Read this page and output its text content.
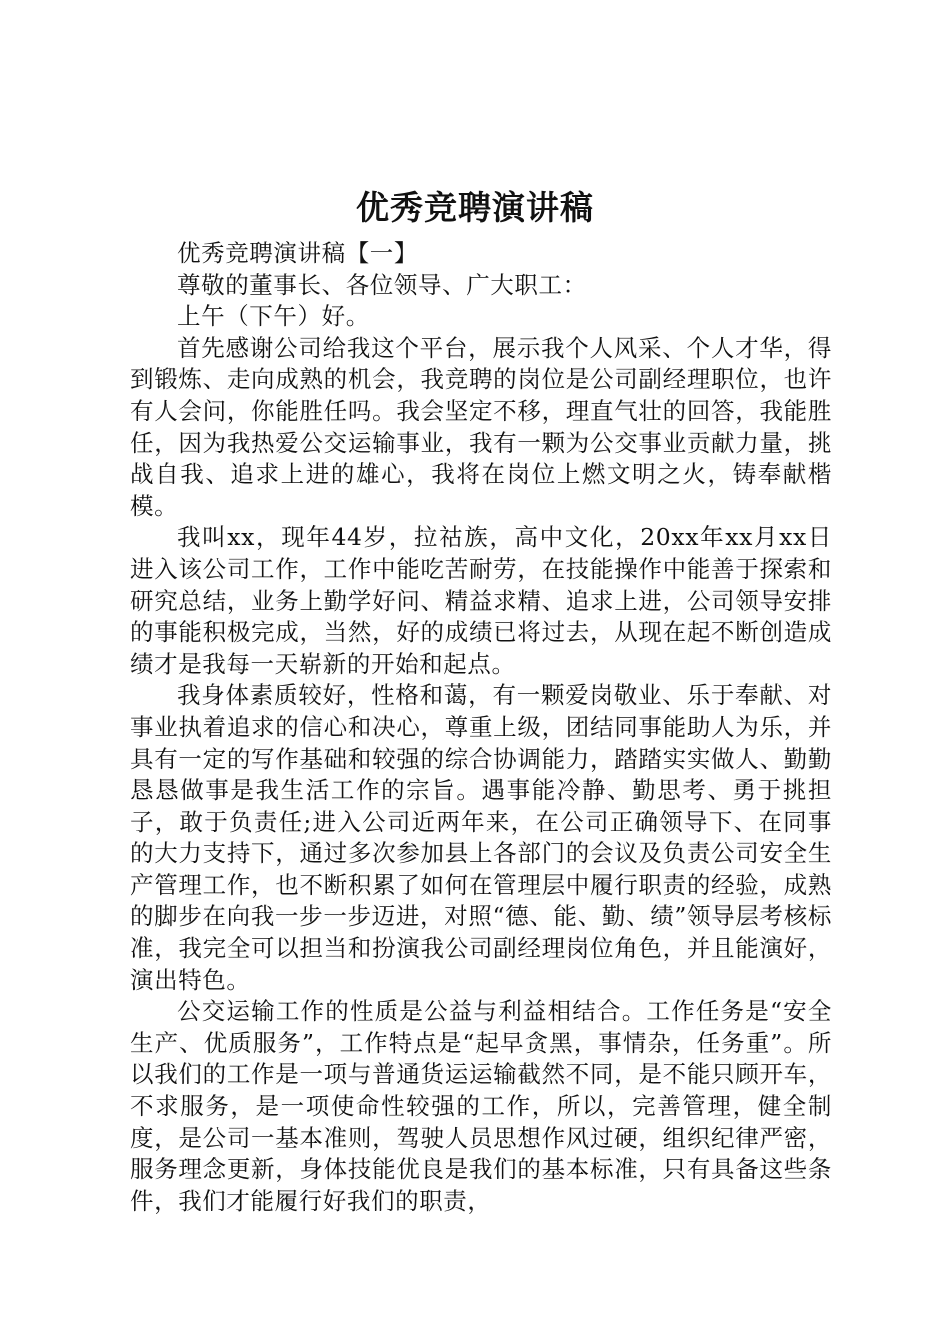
优秀竞聘演讲稿

优秀竞聘演讲稿【一】

尊敬的董事长、各位领导、广大职工：

上午（下午）好。

首先感谢公司给我这个平台，展示我个人风采、个人才华，得到锻炼、走向成熟的机会，我竞聘的岗位是公司副经理职位，也许有人会问，你能胜任吗。我会坚定不移，理直气壮的回答，我能胜任，因为我热爱公交运输事业，我有一颗为公交事业贡献力量，挑战自我、追求上进的雄心，我将在岗位上燃文明之火，铸奉献楷模。

我叫xx，现年44岁，拉祜族，高中文化，20xx年xx月xx日进入该公司工作，工作中能吃苦耐劳，在技能操作中能善于探索和研究总结，业务上勤学好问、精益求精、追求上进，公司领导安排的事能积极完成，当然，好的成绩已将过去，从现在起不断创造成绩才是我每一天崭新的开始和起点。

我身体素质较好，性格和蔼，有一颗爱岗敬业、乐于奉献、对事业执着追求的信心和决心，尊重上级，团结同事能助人为乐，并具有一定的写作基础和较强的综合协调能力，踏踏实实做人、勤勤恳恳做事是我生活工作的宗旨。遇事能冷静、勤思考、勇于挑担子，敢于负责任;进入公司近两年来，在公司正确领导下、在同事的大力支持下，通过多次参加县上各部门的会议及负责公司安全生产管理工作，也不断积累了如何在管理层中履行职责的经验，成熟的脚步在向我一步一步迈进，对照“德、能、勤、绩”领导层考核标准，我完全可以担当和扮演我公司副经理岗位角色，并且能演好，演出特色。

公交运输工作的性质是公益与利益相结合。工作任务是“安全生产、优质服务”，工作特点是“起早贪黑，事情杂，任务重”。所以我们的工作是一项与普通货运运输截然不同，是不能只顾开车，不求服务，是一项使命性较强的工作，所以，完善管理，健全制度，是公司一基本准则，驾驶人员思想作风过硬，组织纪律严密，服务理念更新，身体技能优良是我们的基本标准，只有具备这些条件，我们才能履行好我们的职责，
